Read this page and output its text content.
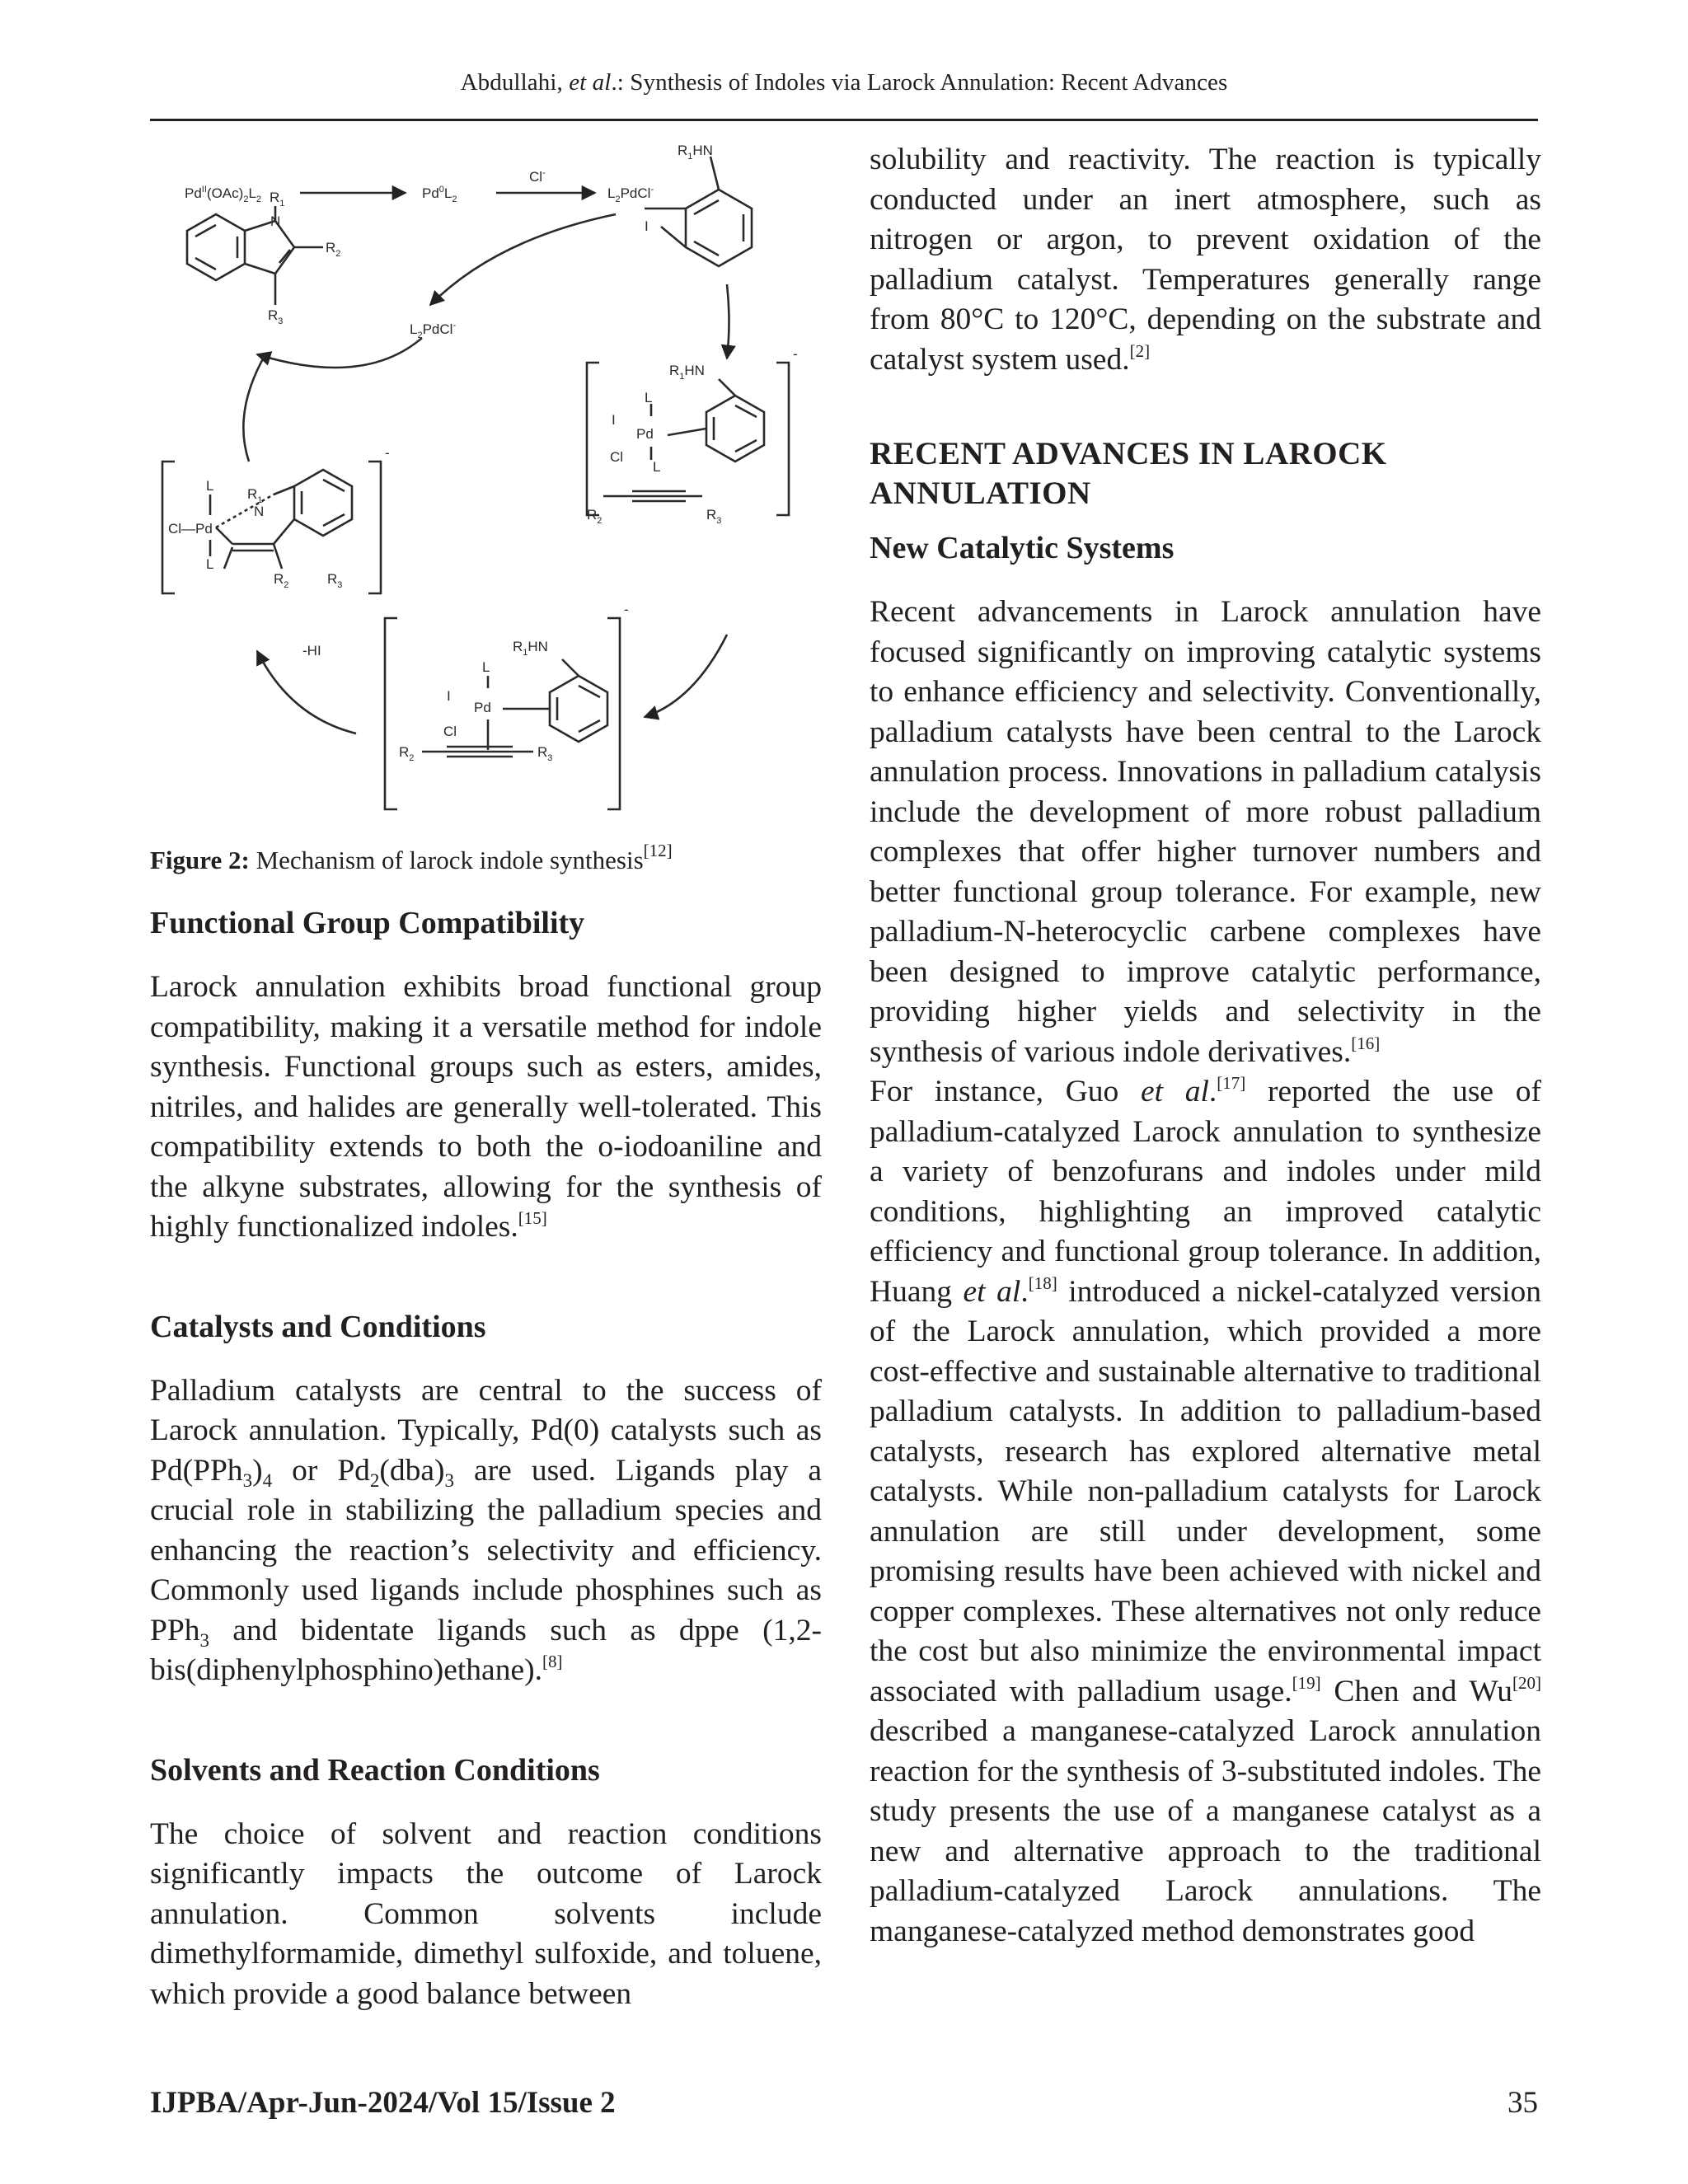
Abdullahi, et al.: Synthesis of Indoles via Larock Annulation: Recent Advances
$Pd^{II}(OAc)_2L_2$	$Pd^0L_2$
Cl-
$L_2PdCl^-$
$L_2PdCl^-$
$R_1HN$
I
$R_1$
N
$R_2$
$R_3$
$R_1HN$
L
Pd
I
Cl
L
$R_2$	$R_3$
-
$R_1HN$
L
Pd
I
Cl
$R_2$	$R_3$
-
L
$R_1$
N
Cl—Pd
L
$R_2$	$R_3$
-
-HI

Figure 2: Mechanism of larock indole synthesis[12]

Functional Group Compatibility

Larock annulation exhibits broad functional group compatibility, making it a versatile method for indole synthesis. Functional groups such as esters, amides, nitriles, and halides are generally well-tolerated. This compatibility extends to both the o-iodoaniline and the alkyne substrates, allowing for the synthesis of highly functionalized indoles.[15]

Catalysts and Conditions

Palladium catalysts are central to the success of Larock annulation. Typically, Pd(0) catalysts such as $Pd(PPh_3)_4$ or $Pd_2(dba)_3$ are used. Ligands play a crucial role in stabilizing the palladium species and enhancing the reaction’s selectivity and efficiency. Commonly used ligands include phosphines such as PPh$_3$ and bidentate ligands such as dppe (1,2-bis(diphenylphosphino)ethane).[8]

Solvents and Reaction Conditions

The choice of solvent and reaction conditions significantly impacts the outcome of Larock annulation. Common solvents include dimethylformamide, dimethyl sulfoxide, and toluene, which provide a good balance between

solubility and reactivity. The reaction is typically conducted under an inert atmosphere, such as nitrogen or argon, to prevent oxidation of the palladium catalyst. Temperatures generally range from 80°C to 120°C, depending on the substrate and catalyst system used.[2]

RECENT ADVANCES IN LAROCK ANNULATION

New Catalytic Systems

Recent advancements in Larock annulation have focused significantly on improving catalytic systems to enhance efficiency and selectivity. Conventionally, palladium catalysts have been central to the Larock annulation process. Innovations in palladium catalysis include the development of more robust palladium complexes that offer higher turnover numbers and better functional group tolerance. For example, new palladium-N-heterocyclic carbene complexes have been designed to improve catalytic performance, providing higher yields and selectivity in the synthesis of various indole derivatives.[16]

For instance, Guo et al.[17] reported the use of palladium-catalyzed Larock annulation to synthesize a variety of benzofurans and indoles under mild conditions, highlighting an improved catalytic efficiency and functional group tolerance. In addition, Huang et al.[18] introduced a nickel-catalyzed version of the Larock annulation, which provided a more cost-effective and sustainable alternative to traditional palladium catalysts. In addition to palladium-based catalysts, research has explored alternative metal catalysts. While non-palladium catalysts for Larock annulation are still under development, some promising results have been achieved with nickel and copper complexes. These alternatives not only reduce the cost but also minimize the environmental impact associated with palladium usage.[19] Chen and Wu[20] described a manganese-catalyzed Larock annulation reaction for the synthesis of 3-substituted indoles. The study presents the use of a manganese catalyst as a new and alternative approach to the traditional palladium-catalyzed Larock annulations. The manganese-catalyzed method demonstrates good

IJPBA/Apr-Jun-2024/Vol 15/Issue 2	35
